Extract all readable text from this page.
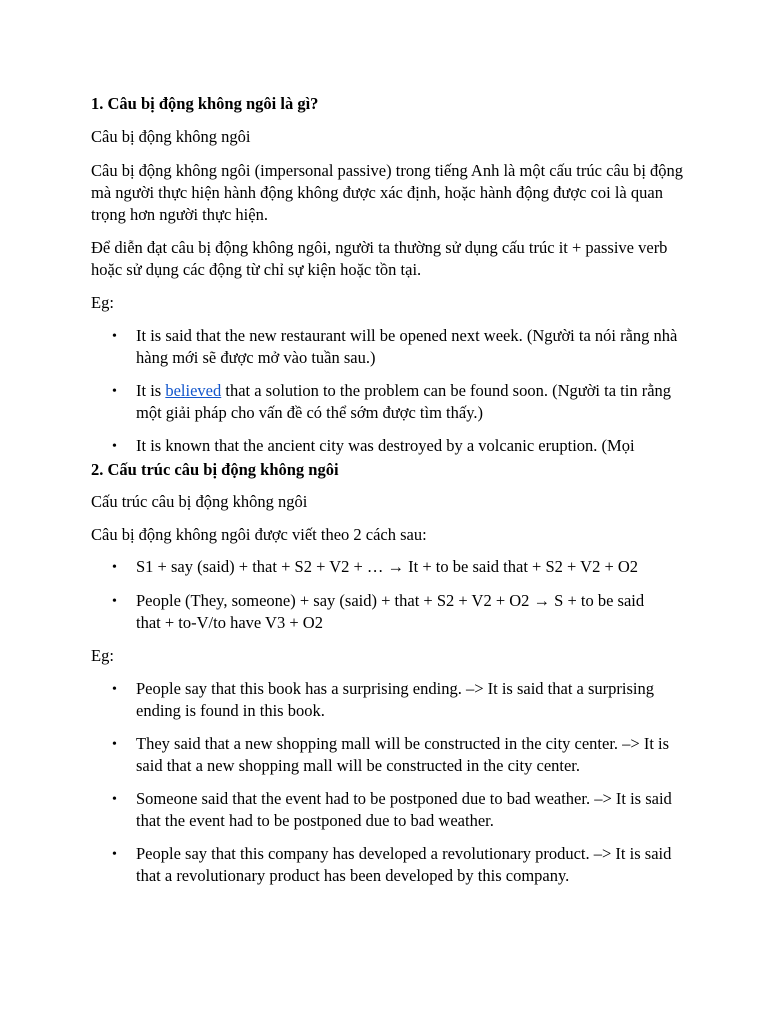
1. Câu bị động không ngôi là gì?

Câu bị động không ngôi

Câu bị động không ngôi (impersonal passive) trong tiếng Anh là một cấu trúc câu bị động mà người thực hiện hành động không được xác định, hoặc hành động được coi là quan trọng hơn người thực hiện.

Để diễn đạt câu bị động không ngôi, người ta thường sử dụng cấu trúc it + passive verb hoặc sử dụng các động từ chỉ sự kiện hoặc tồn tại.

Eg:

•	It is said that the new restaurant will be opened next week. (Người ta nói rằng nhà hàng mới sẽ được mở vào tuần sau.)

•	It is believed that a solution to the problem can be found soon. (Người ta tin rằng một giải pháp cho vấn đề có thể sớm được tìm thấy.)

•	It is known that the ancient city was destroyed by a volcanic eruption. (Mọi

2. Cấu trúc câu bị động không ngôi

Cấu trúc câu bị động không ngôi

Câu bị động không ngôi được viết theo 2 cách sau:

•	S1 + say (said) + that + S2 + V2 + … → It + to be said that + S2 + V2 + O2

•	People (They, someone) + say (said) + that + S2 + V2 + O2 → S + to be said that + to-V/to have V3 + O2

Eg:

•	People say that this book has a surprising ending. –> It is said that a surprising ending is found in this book.

•	They said that a new shopping mall will be constructed in the city center. –> It is said that a new shopping mall will be constructed in the city center.

•	Someone said that the event had to be postponed due to bad weather. –> It is said that the event had to be postponed due to bad weather.

•	People say that this company has developed a revolutionary product. –> It is said that a revolutionary product has been developed by this company.
